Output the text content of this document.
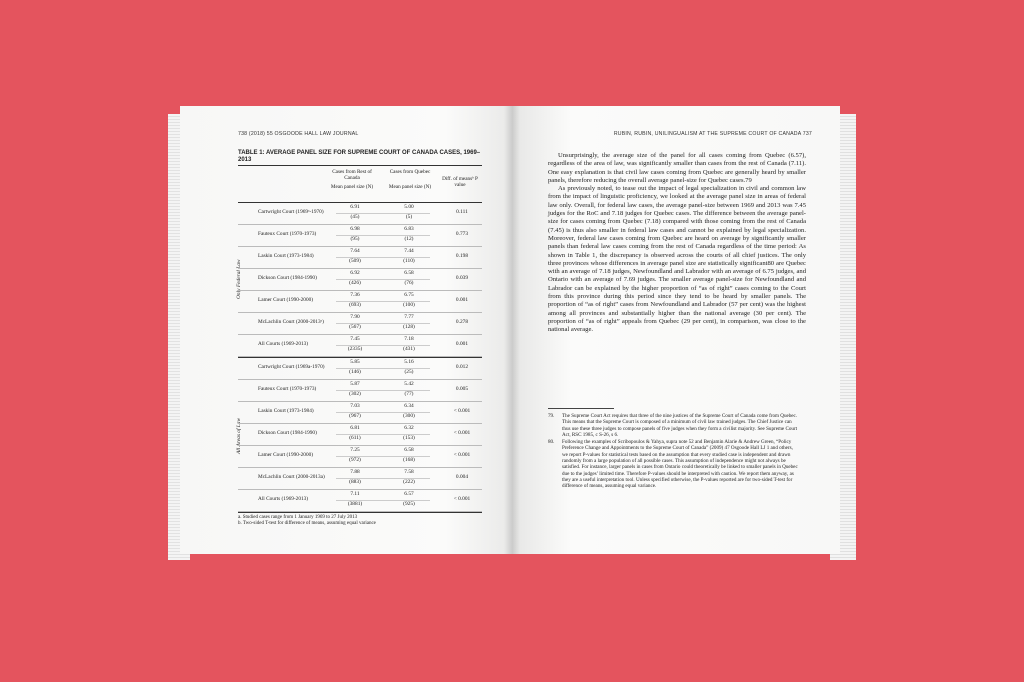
738 (2018) 55 OSGOODE HALL LAW JOURNAL
TABLE 1: AVERAGE PANEL SIZE FOR SUPREME COURT OF CANADA CASES, 1969–2013
Cases from Rest of Canada
Mean panel size (N)
Cases from Quebec
Mean panel size (N)
Diff. of meansᵇ P value
Only Federal Law
Cartwright Court (1969ᵃ-1970)
6.91
(45)
5.00
(5)
0.111
Fauteux Court (1970-1973)
6.98
(95)
6.83
(12)
0.773
Laskin Court (1973-1984)
7.64
(509)
7.44
(110)
0.198
Dickson Court (1984-1990)
6.92
(426)
6.58
(76)
0.039
Lamer Court (1990-2000)
7.36
(693)
6.75
(100)
0.001
McLachlin Court (2000-2013ᵃ)
7.90
(567)
7.77
(128)
0.278
All Courts (1969-2013)
7.45
(2335)
7.18
(431)
0.001
All Areas of Law
Cartwright Court (1969a-1970)
5.85
(146)
5.16
(25)
0.012
Fauteux Court (1970-1973)
5.87
(302)
5.42
(77)
0.005
Laskin Court (1973-1984)
7.03
(967)
6.34
(300)
< 0.001
Dickson Court (1984-1990)
6.81
(611)
6.32
(153)
< 0.001
Lamer Court (1990-2000)
7.25
(972)
6.58
(168)
< 0.001
McLachlin Court (2000-2013a)
7.88
(883)
7.58
(222)
0.004
All Courts (1969-2013)
7.11
(3881)
6.57
(925)
< 0.001
a. Studied cases range from 1 January 1969 to 27 July 2013
b. Two-sided T-test for difference of means, assuming equal variance
RUBIN, RUBIN, UNILINGUALISM AT THE SUPREME COURT OF CANADA 737

Unsurprisingly, the average size of the panel for all cases coming from Quebec (6.57), regardless of the area of law, was significantly smaller than cases from the rest of Canada (7.11). One easy explanation is that civil law cases coming from Quebec are generally heard by smaller panels, therefore reducing the overall average panel-size for Quebec cases.79

As previously noted, to tease out the impact of legal specialization in civil and common law from the impact of linguistic proficiency, we looked at the average panel size in areas of federal law only. Overall, for federal law cases, the average panel-size between 1969 and 2013 was 7.45 judges for the RoC and 7.18 judges for Quebec cases. The difference between the average panel-size for cases coming from Quebec (7.18) compared with those coming from the rest of Canada (7.45) is thus also smaller in federal law cases and cannot be explained by legal specialization. Moreover, federal law cases coming from Quebec are heard on average by significantly smaller panels than federal law cases coming from the rest of Canada regardless of the time period: As shown in Table 1, the discrepancy is observed across the courts of all chief justices. The only three provinces whose differences in average panel size are statistically significant80 are Quebec with an average of 7.18 judges, Newfoundland and Labrador with an average of 6.75 judges, and Ontario with an average of 7.69 judges. The smaller average panel-size for Newfoundland and Labrador can be explained by the higher proportion of “as of right” cases coming to the Court from this province during this period since they tend to be heard by smaller panels. The proportion of “as of right” cases from Newfoundland and Labrador (57 per cent) was the highest among all provinces and substantially higher than the national average (30 per cent). The proportion of “as of right” appeals from Quebec (29 per cent), in comparison, was close to the national average.

79. The Supreme Court Act requires that three of the nine justices of the Supreme Court of Canada come from Quebec. This means that the Supreme Court is composed of a minimum of civil law trained judges. The Chief Justice can thus use these three judges to compose panels of five judges when they form a civilist majority. See Supreme Court Act, RSC 1985, c S-26, s 6.
80. Following the examples of Scribopoulos & Yahya, supra note 52 and Benjamin Alarie & Andrew Green, “Policy Preference Change and Appointments to the Supreme Court of Canada” (2009) 47 Osgoode Hall LJ 1 and others, we report P-values for statistical tests based on the assumption that every studied case is independent and drawn randomly from a large population of all possible cases. This assumption of independence might not always be satisfied. For instance, larger panels in cases from Ontario could theoretically be linked to smaller panels in Quebec due to the judges’ limited time. Therefore P-values should be interpreted with caution. We report them anyway, as they are a useful interpretation tool. Unless specified otherwise, the P-values reported are for two-sided T-test for difference of means, assuming equal variance.
